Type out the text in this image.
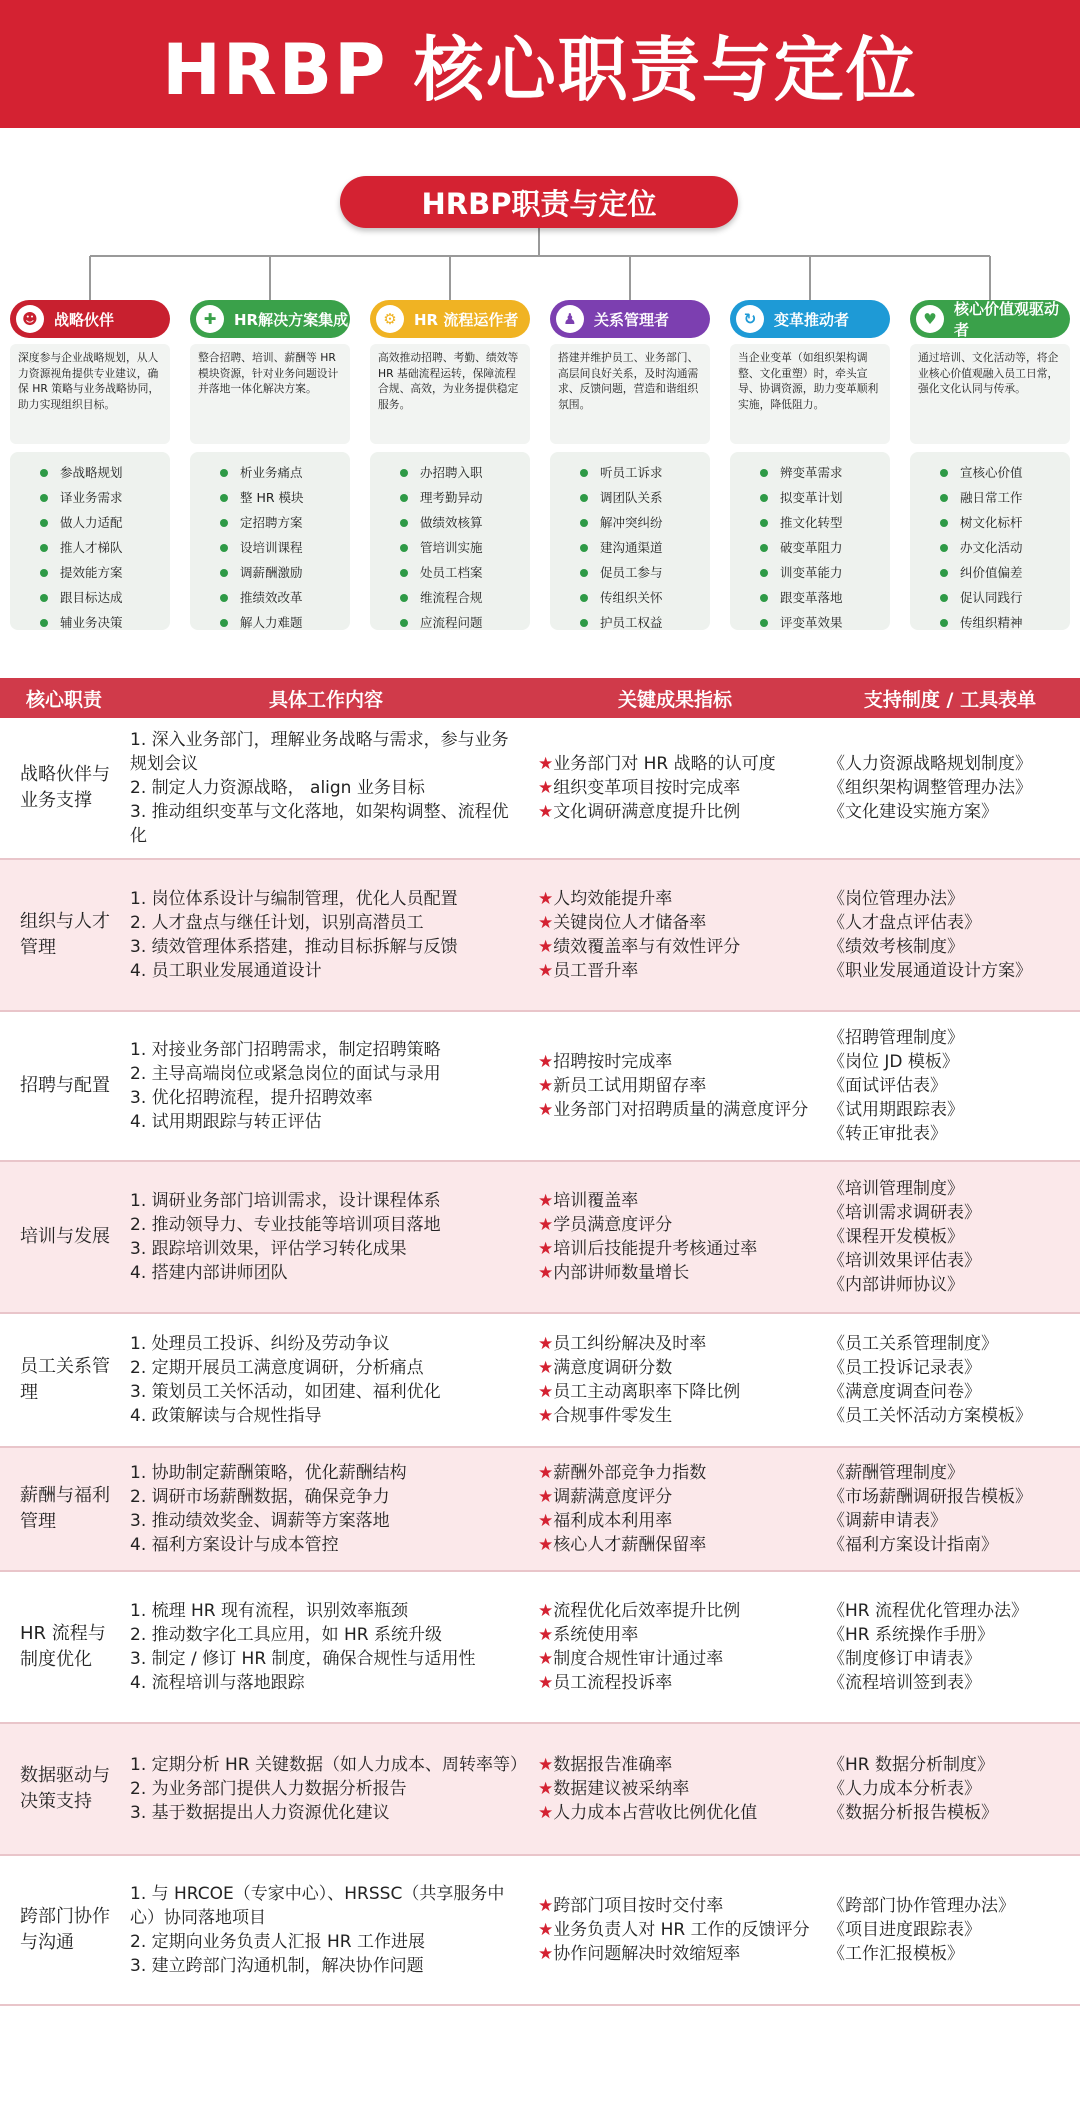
HRBP 核心职责与定位
HRBP职责与定位
☻	战略伙伴
深度参与企业战略规划，从人力资源视角提供专业建议，确保 HR 策略与业务战略协同，助力实现组织目标。
参战略规划
译业务需求
做人力适配
推人才梯队
提效能方案
跟目标达成
辅业务决策
✚	HR解决方案集成
整合招聘、培训、薪酬等 HR 模块资源，针对业务问题设计并落地一体化解决方案。
析业务痛点
整 HR 模块
定招聘方案
设培训课程
调薪酬激励
推绩效改革
解人力难题
⚙	HR 流程运作者
高效推动招聘、考勤、绩效等 HR 基础流程运转，保障流程合规、高效，为业务提供稳定服务。
办招聘入职
理考勤异动
做绩效核算
管培训实施
处员工档案
维流程合规
应流程问题
♟	关系管理者
搭建并维护员工、业务部门、高层间良好关系，及时沟通需求、反馈问题，营造和谐组织氛围。
听员工诉求
调团队关系
解冲突纠纷
建沟通渠道
促员工参与
传组织关怀
护员工权益
↻	变革推动者
当企业变革（如组织架构调整、文化重塑）时，牵头宣导、协调资源，助力变革顺利实施，降低阻力。
辨变革需求
拟变革计划
推文化转型
破变革阻力
训变革能力
跟变革落地
评变革效果
♥
核心价值观驱动者
通过培训、文化活动等，将企业核心价值观融入员工日常，强化文化认同与传承。
宣核心价值
融日常工作
树文化标杆
办文化活动
纠价值偏差
促认同践行
传组织精神
核心职责	具体工作内容	关键成果指标	支持制度 / 工具表单
战略伙伴与业务支撑	1. 深入业务部门，理解业务战略与需求，参与业务规划会议
2. 制定人力资源战略， align 业务目标
3. 推动组织变革与文化落地，如架构调整、流程优化	★业务部门对 HR 战略的认可度
★组织变革项目按时完成率
★文化调研满意度提升比例	《人力资源战略规划制度》
《组织架构调整管理办法》
《文化建设实施方案》

组织与人才管理	1. 岗位体系设计与编制管理，优化人员配置
2. 人才盘点与继任计划，识别高潜员工
3. 绩效管理体系搭建，推动目标拆解与反馈
4. 员工职业发展通道设计	★人均效能提升率
★关键岗位人才储备率
★绩效覆盖率与有效性评分
★员工晋升率	《岗位管理办法》
《人才盘点评估表》
《绩效考核制度》
《职业发展通道设计方案》

招聘与配置	1. 对接业务部门招聘需求，制定招聘策略
2. 主导高端岗位或紧急岗位的面试与录用
3. 优化招聘流程，提升招聘效率
4. 试用期跟踪与转正评估	★招聘按时完成率
★新员工试用期留存率
★业务部门对招聘质量的满意度评分	《招聘管理制度》
《岗位 JD 模板》
《面试评估表》
《试用期跟踪表》
《转正审批表》

培训与发展	1. 调研业务部门培训需求，设计课程体系
2. 推动领导力、专业技能等培训项目落地
3. 跟踪培训效果，评估学习转化成果
4. 搭建内部讲师团队	★培训覆盖率
★学员满意度评分
★培训后技能提升考核通过率
★内部讲师数量增长	《培训管理制度》
《培训需求调研表》
《课程开发模板》
《培训效果评估表》
《内部讲师协议》

员工关系管理	1. 处理员工投诉、纠纷及劳动争议
2. 定期开展员工满意度调研，分析痛点
3. 策划员工关怀活动，如团建、福利优化
4. 政策解读与合规性指导	★员工纠纷解决及时率
★满意度调研分数
★员工主动离职率下降比例
★合规事件零发生	《员工关系管理制度》
《员工投诉记录表》
《满意度调查问卷》
《员工关怀活动方案模板》

薪酬与福利管理	1. 协助制定薪酬策略，优化薪酬结构
2. 调研市场薪酬数据，确保竞争力
3. 推动绩效奖金、调薪等方案落地
4. 福利方案设计与成本管控	★薪酬外部竞争力指数
★调薪满意度评分
★福利成本利用率
★核心人才薪酬保留率	《薪酬管理制度》
《市场薪酬调研报告模板》
《调薪申请表》
《福利方案设计指南》

HR 流程与制度优化	1. 梳理 HR 现有流程，识别效率瓶颈
2. 推动数字化工具应用，如 HR 系统升级
3. 制定 / 修订 HR 制度，确保合规性与适用性
4. 流程培训与落地跟踪	★流程优化后效率提升比例
★系统使用率
★制度合规性审计通过率
★员工流程投诉率	《HR 流程优化管理办法》
《HR 系统操作手册》
《制度修订申请表》
《流程培训签到表》

数据驱动与决策支持	1. 定期分析 HR 关键数据（如人力成本、周转率等）
2. 为业务部门提供人力数据分析报告
3. 基于数据提出人力资源优化建议	★数据报告准确率
★数据建议被采纳率
★人力成本占营收比例优化值	《HR 数据分析制度》
《人力成本分析表》
《数据分析报告模板》

跨部门协作与沟通	1. 与 HRCOE（专家中心）、HRSSC（共享服务中心）协同落地项目
2. 定期向业务负责人汇报 HR 工作进展
3. 建立跨部门沟通机制，解决协作问题	★跨部门项目按时交付率
★业务负责人对 HR 工作的反馈评分
★协作问题解决时效缩短率	《跨部门协作管理办法》
《项目进度跟踪表》
《工作汇报模板》
